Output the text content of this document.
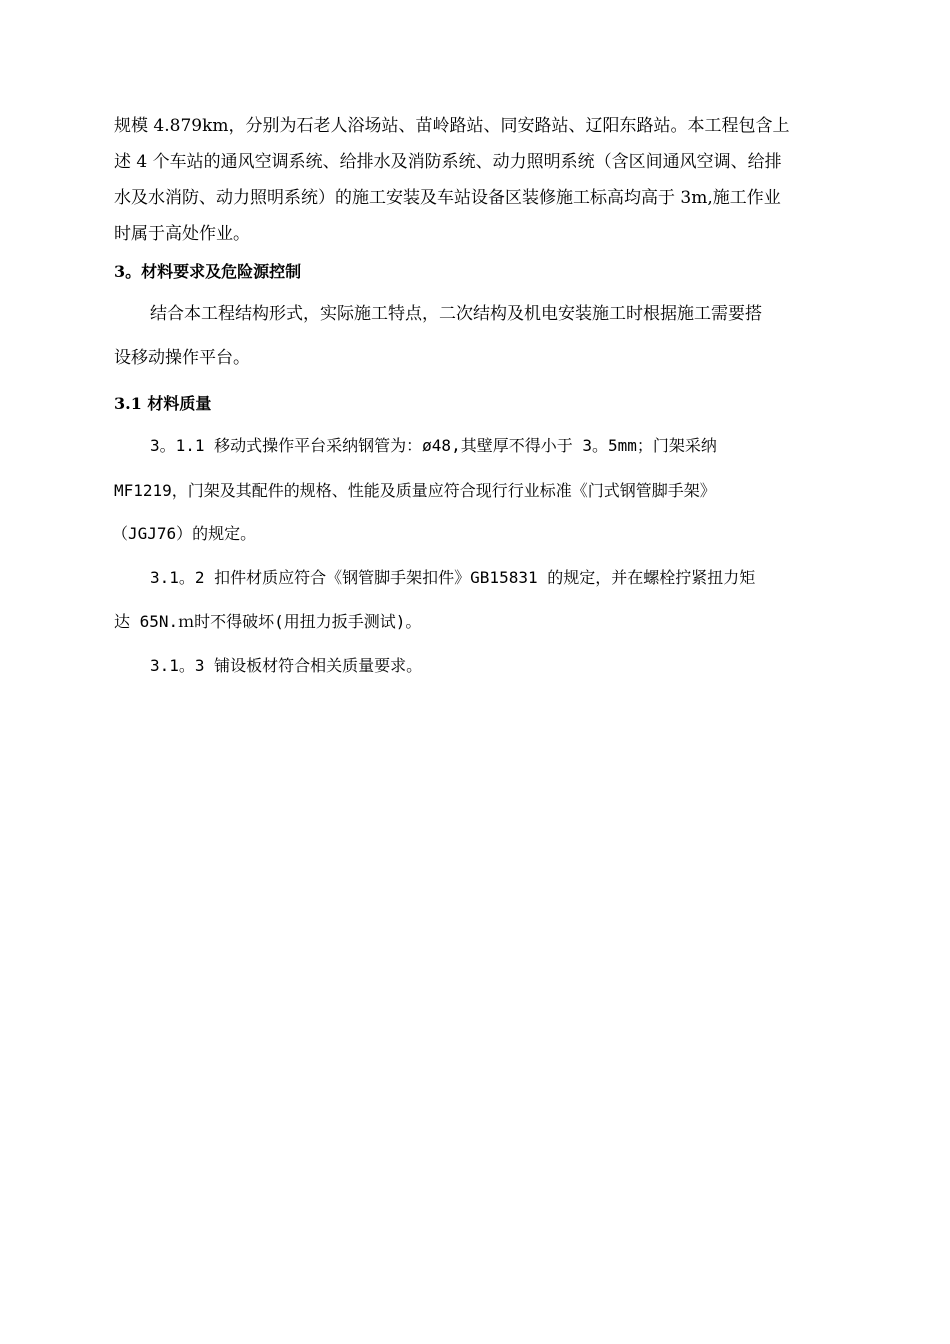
规模 4.879km，分别为石老人浴场站、苗岭路站、同安路站、辽阳东路站。本工程包含上
述 4 个车站的通风空调系统、给排水及消防系统、动力照明系统（含区间通风空调、给排
水及水消防、动力照明系统）的施工安装及车站设备区装修施工标高均高于 3m,施工作业
时属于高处作业。
3。材料要求及危险源控制
结合本工程结构形式，实际施工特点，二次结构及机电安装施工时根据施工需要搭
设移动操作平台。
3.1 材料质量
3。1.1 移动式操作平台采纳钢管为：ø48,其壁厚不得小于 3。5mm；门架采纳
MF1219，门架及其配件的规格、性能及质量应符合现行行业标准《门式钢管脚手架》
（JGJ76）的规定。
3.1。2 扣件材质应符合《钢管脚手架扣件》GB15831 的规定，并在螺栓拧紧扭力矩
达 65N.ｍ时不得破坏(用扭力扳手测试)。
3.1。3 铺设板材符合相关质量要求。
